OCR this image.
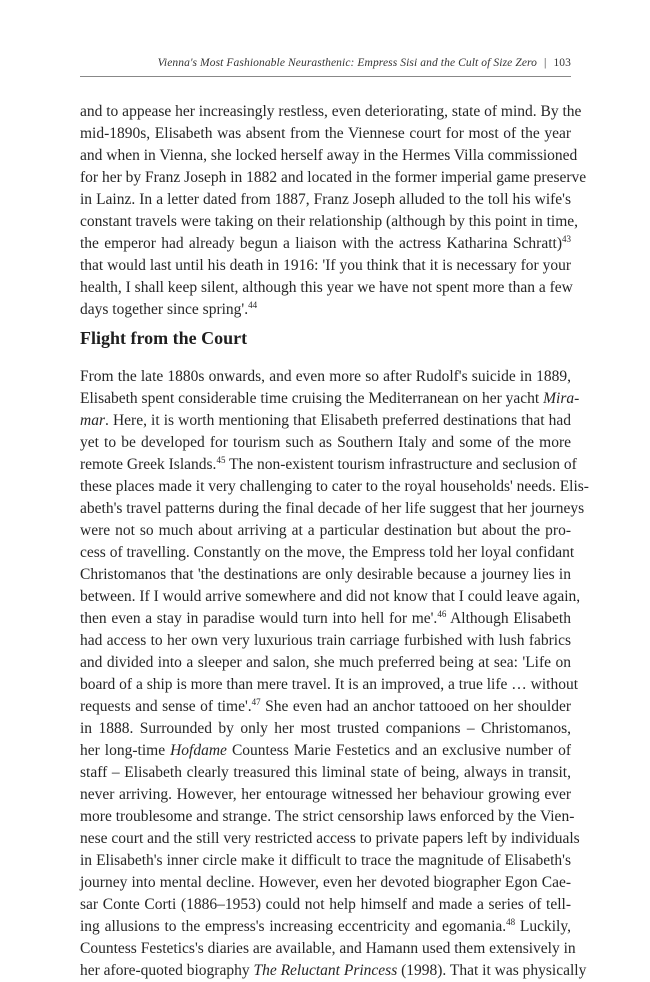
Vienna's Most Fashionable Neurasthenic: Empress Sisi and the Cult of Size Zero | 103
and to appease her increasingly restless, even deteriorating, state of mind. By the
mid-1890s, Elisabeth was absent from the Viennese court for most of the year
and when in Vienna, she locked herself away in the Hermes Villa commissioned
for her by Franz Joseph in 1882 and located in the former imperial game preserve
in Lainz. In a letter dated from 1887, Franz Joseph alluded to the toll his wife's
constant travels were taking on their relationship (although by this point in time,
the emperor had already begun a liaison with the actress Katharina Schratt)$^{43}$
that would last until his death in 1916: 'If you think that it is necessary for your
health, I shall keep silent, although this year we have not spent more than a few
days together since spring'.$^{44}$
Flight from the Court
From the late 1880s onwards, and even more so after Rudolf's suicide in 1889,
Elisabeth spent considerable time cruising the Mediterranean on her yacht Mira-
mar. Here, it is worth mentioning that Elisabeth preferred destinations that had
yet to be developed for tourism such as Southern Italy and some of the more
remote Greek Islands.$^{45}$ The non-existent tourism infrastructure and seclusion of
these places made it very challenging to cater to the royal households' needs. Elis-
abeth's travel patterns during the final decade of her life suggest that her journeys
were not so much about arriving at a particular destination but about the pro-
cess of travelling. Constantly on the move, the Empress told her loyal confidant
Christomanos that 'the destinations are only desirable because a journey lies in
between. If I would arrive somewhere and did not know that I could leave again,
then even a stay in paradise would turn into hell for me'.$^{46}$ Although Elisabeth
had access to her own very luxurious train carriage furbished with lush fabrics
and divided into a sleeper and salon, she much preferred being at sea: 'Life on
board of a ship is more than mere travel. It is an improved, a true life … without
requests and sense of time'.$^{47}$ She even had an anchor tattooed on her shoulder
in 1888. Surrounded by only her most trusted companions – Christomanos,
her long-time Hofdame Countess Marie Festetics and an exclusive number of
staff – Elisabeth clearly treasured this liminal state of being, always in transit,
never arriving. However, her entourage witnessed her behaviour growing ever
more troublesome and strange. The strict censorship laws enforced by the Vien-
nese court and the still very restricted access to private papers left by individuals
in Elisabeth's inner circle make it difficult to trace the magnitude of Elisabeth's
journey into mental decline. However, even her devoted biographer Egon Cae-
sar Conte Corti (1886–1953) could not help himself and made a series of tell-
ing allusions to the empress's increasing eccentricity and egomania.$^{48}$ Luckily,
Countess Festetics's diaries are available, and Hamann used them extensively in
her afore-quoted biography The Reluctant Princess (1998). That it was physically
